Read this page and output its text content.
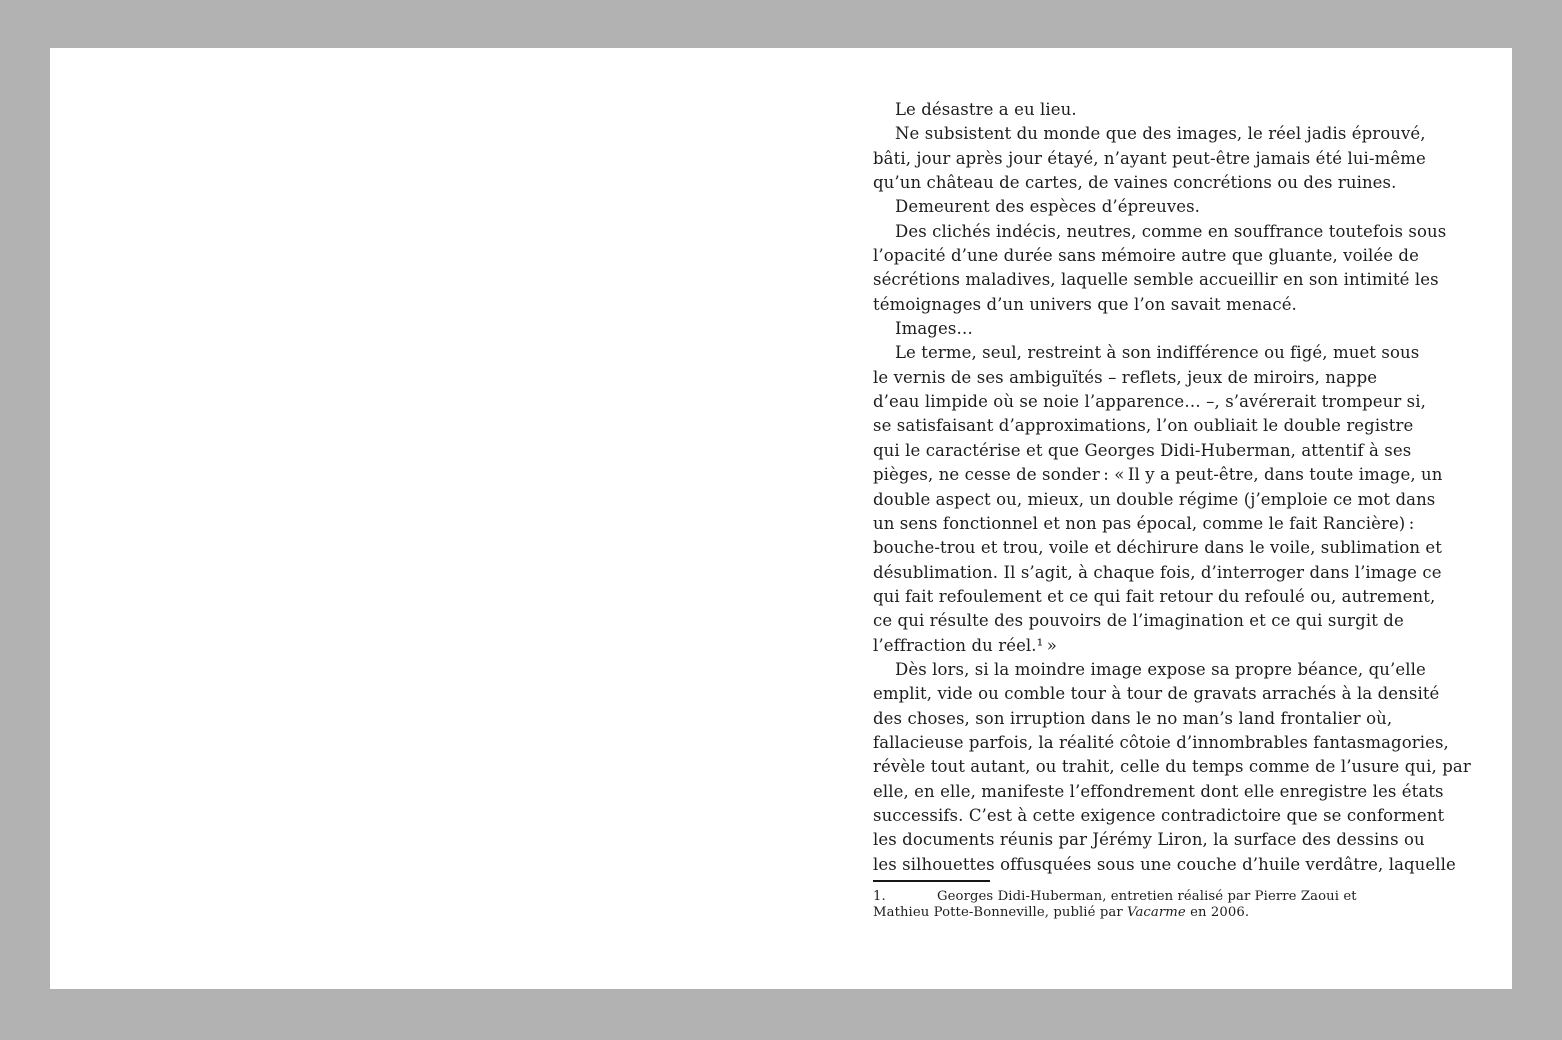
Le désastre a eu lieu.
Ne subsistent du monde que des images, le réel jadis éprouvé,
bâti, jour après jour étayé, n’ayant peut-être jamais été lui-même
qu’un château de cartes, de vaines concrétions ou des ruines.
Demeurent des espèces d’épreuves.
Des clichés indécis, neutres, comme en souffrance toutefois sous
l’opacité d’une durée sans mémoire autre que gluante, voilée de
sécrétions maladives, laquelle semble accueillir en son intimité les
témoignages d’un univers que l’on savait menacé.
Images…
Le terme, seul, restreint à son indifférence ou figé, muet sous
le vernis de ses ambiguïtés – reflets, jeux de miroirs, nappe
d’eau limpide où se noie l’apparence… –, s’avérerait trompeur si,
se satisfaisant d’approximations, l’on oubliait le double registre
qui le caractérise et que Georges Didi-Huberman, attentif à ses
pièges, ne cesse de sonder : « Il y a peut-être, dans toute image, un
double aspect ou, mieux, un double régime (j’emploie ce mot dans
un sens fonctionnel et non pas épocal, comme le fait Rancière) :
bouche-trou et trou, voile et déchirure dans le voile, sublimation et
désublimation. Il s’agit, à chaque fois, d’interroger dans l’image ce
qui fait refoulement et ce qui fait retour du refoulé ou, autrement,
ce qui résulte des pouvoirs de l’imagination et ce qui surgit de
l’effraction du réel.¹ »
Dès lors, si la moindre image expose sa propre béance, qu’elle
emplit, vide ou comble tour à tour de gravats arrachés à la densité
des choses, son irruption dans le no man’s land frontalier où,
fallacieuse parfois, la réalité côtoie d’innombrables fantasmagories,
révèle tout autant, ou trahit, celle du temps comme de l’usure qui, par
elle, en elle, manifeste l’effondrement dont elle enregistre les états
successifs. C’est à cette exigence contradictoire que se conforment
les documents réunis par Jérémy Liron, la surface des dessins ou
les silhouettes offusquées sous une couche d’huile verdâtre, laquelle
1.	Georges Didi-Huberman, entretien réalisé par Pierre Zaoui et
Mathieu Potte-Bonneville, publié par Vacarme en 2006.
